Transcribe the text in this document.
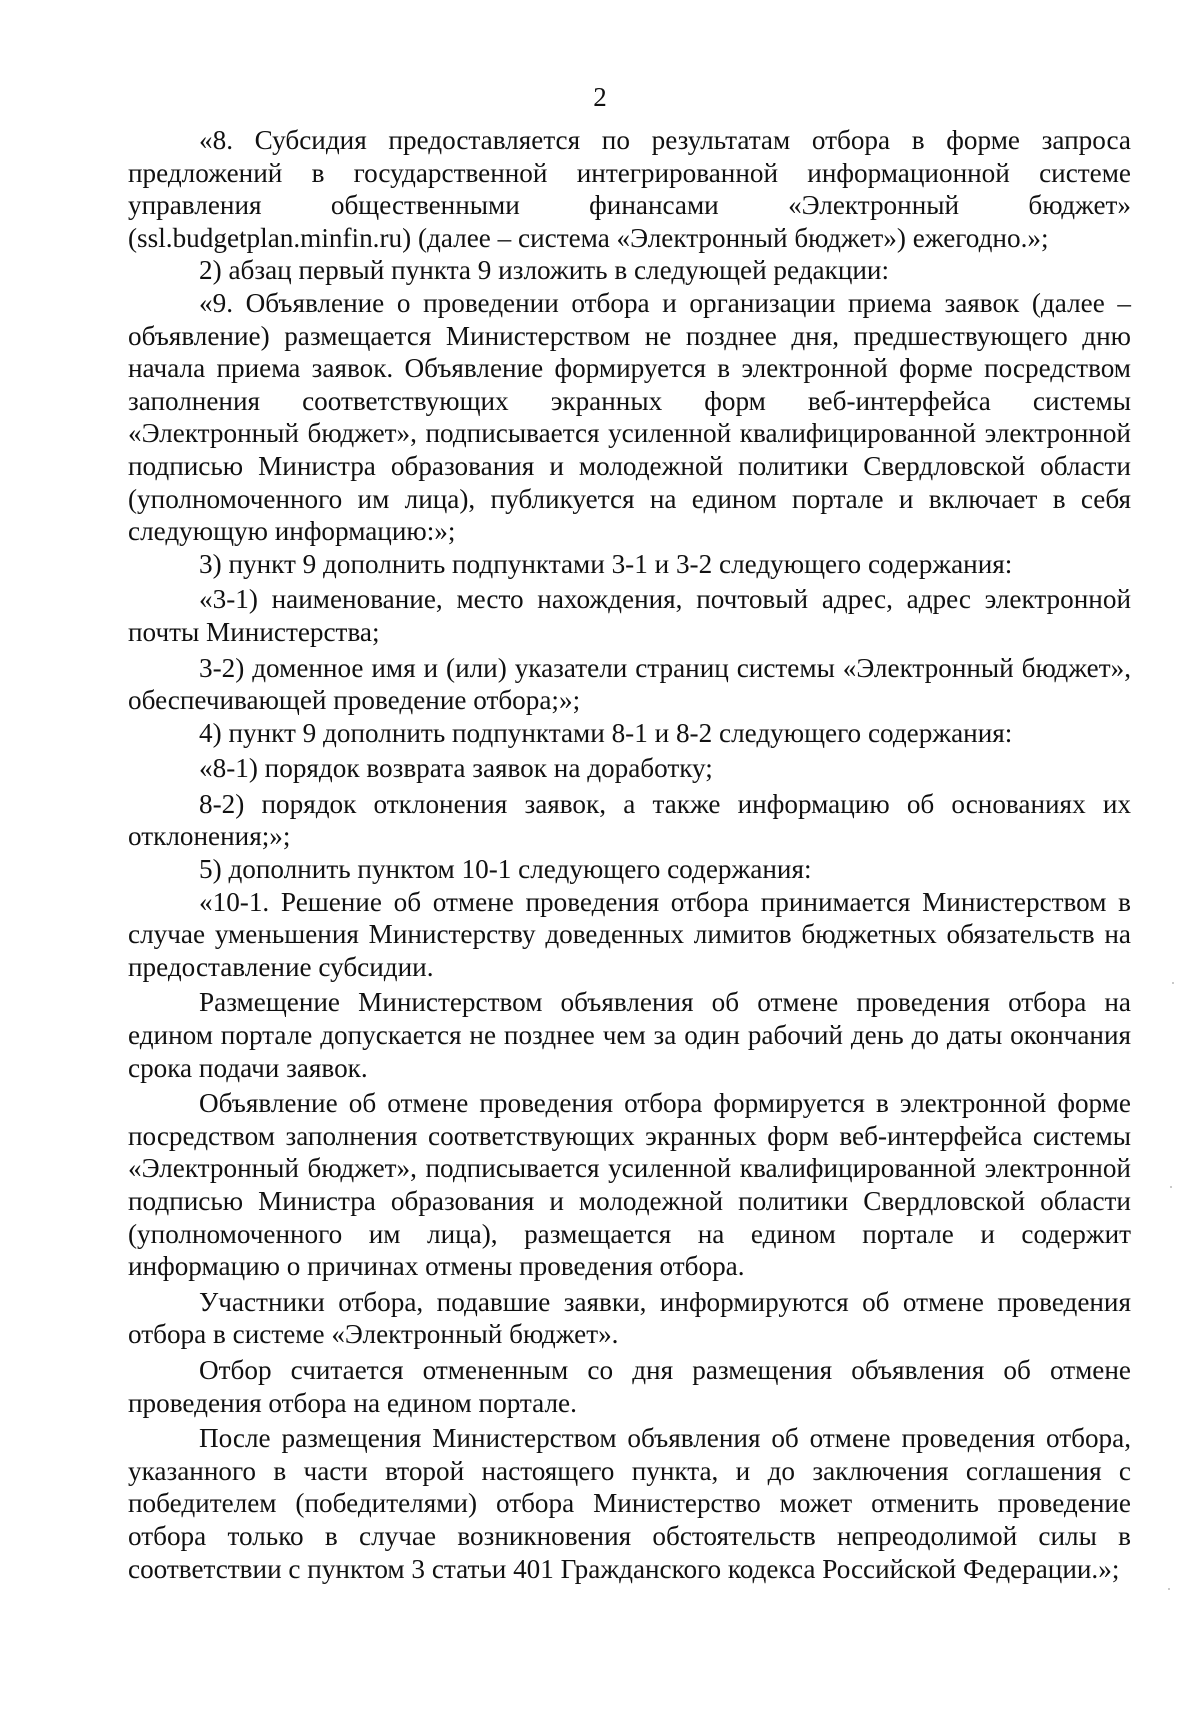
2

«8. Субсидия предоставляется по результатам отбора в форме запроса предложений в государственной интегрированной информационной системе управления общественными финансами «Электронный бюджет» (ssl.budgetplan.minfin.ru) (далее – система «Электронный бюджет») ежегодно.»;

2) абзац первый пункта 9 изложить в следующей редакции:

«9. Объявление о проведении отбора и организации приема заявок (далее – объявление) размещается Министерством не позднее дня, предшествующего дню начала приема заявок. Объявление формируется в электронной форме посредством заполнения соответствующих экранных форм веб-интерфейса системы «Электронный бюджет», подписывается усиленной квалифицированной электронной подписью Министра образования и молодежной политики Свердловской области (уполномоченного им лица), публикуется на едином портале и включает в себя следующую информацию:»;

3) пункт 9 дополнить подпунктами 3-1 и 3-2 следующего содержания:

«3-1) наименование, место нахождения, почтовый адрес, адрес электронной почты Министерства;

3-2) доменное имя и (или) указатели страниц системы «Электронный бюджет», обеспечивающей проведение отбора;»;

4) пункт 9 дополнить подпунктами 8-1 и 8-2 следующего содержания:

«8-1) порядок возврата заявок на доработку;

8-2) порядок отклонения заявок, а также информацию об основаниях их отклонения;»;

5) дополнить пунктом 10-1 следующего содержания:

«10-1. Решение об отмене проведения отбора принимается Министерством в случае уменьшения Министерству доведенных лимитов бюджетных обязательств на предоставление субсидии.

Размещение Министерством объявления об отмене проведения отбора на едином портале допускается не позднее чем за один рабочий день до даты окончания срока подачи заявок.

Объявление об отмене проведения отбора формируется в электронной форме посредством заполнения соответствующих экранных форм веб-интерфейса системы «Электронный бюджет», подписывается усиленной квалифицированной электронной подписью Министра образования и молодежной политики Свердловской области (уполномоченного им лица), размещается на едином портале и содержит информацию о причинах отмены проведения отбора.

Участники отбора, подавшие заявки, информируются об отмене проведения отбора в системе «Электронный бюджет».

Отбор считается отмененным со дня размещения объявления об отмене проведения отбора на едином портале.

После размещения Министерством объявления об отмене проведения отбора, указанного в части второй настоящего пункта, и до заключения соглашения с победителем (победителями) отбора Министерство может отменить проведение отбора только в случае возникновения обстоятельств непреодолимой силы в соответствии с пунктом 3 статьи 401 Гражданского кодекса Российской Федерации.»;
